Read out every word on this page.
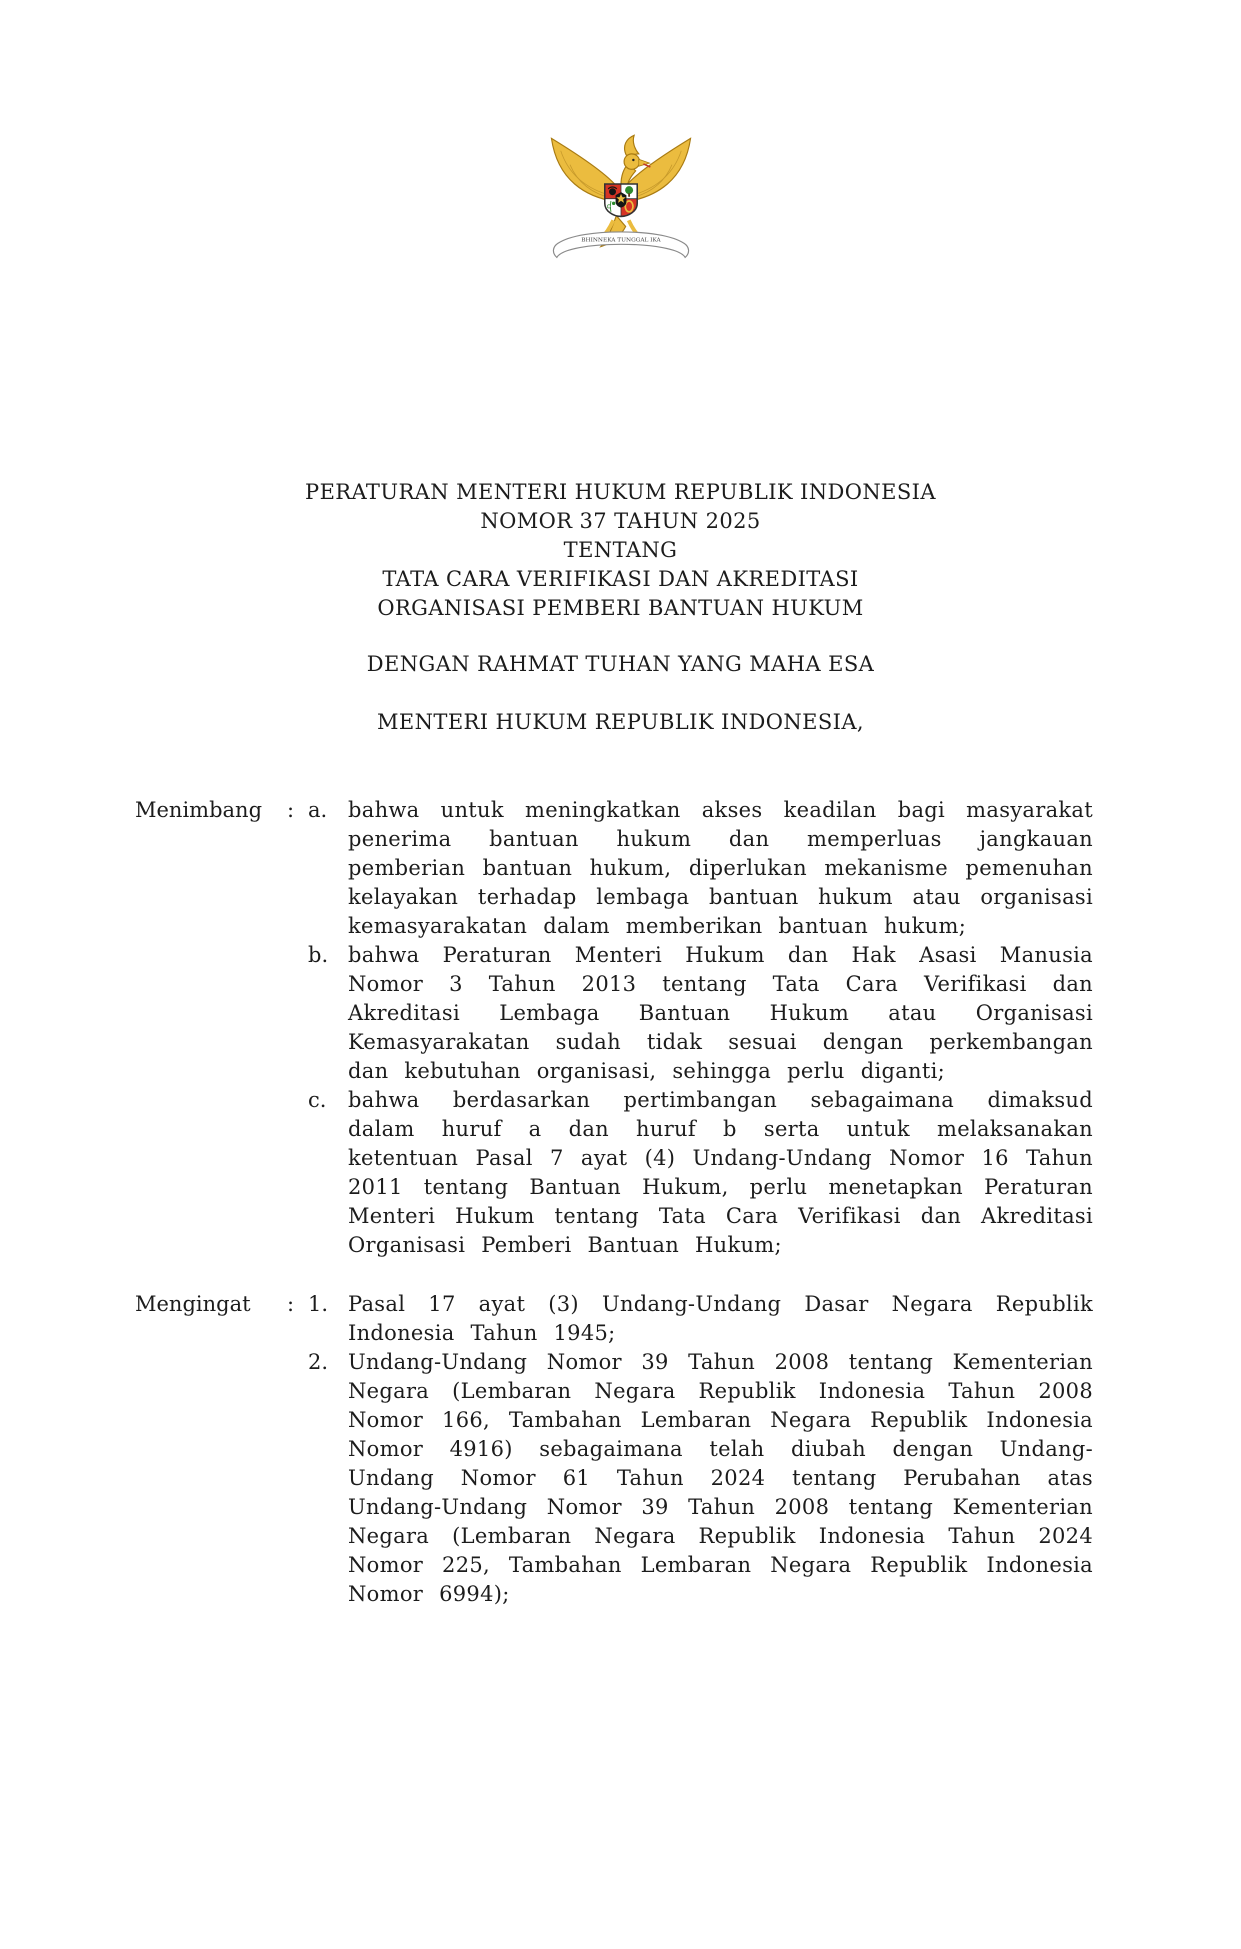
BHINNEKA TUNGGAL IKA
PERATURAN MENTERI HUKUM REPUBLIK INDONESIA
NOMOR 37 TAHUN 2025
TENTANG
TATA CARA VERIFIKASI DAN AKREDITASI
ORGANISASI PEMBERI BANTUAN HUKUM
DENGAN RAHMAT TUHAN YANG MAHA ESA
MENTERI HUKUM REPUBLIK INDONESIA,
Menimbang	: a. bahwa untuk meningkatkan akses keadilan bagi masyarakat penerima bantuan hukum dan memperluas jangkauan pemberian bantuan hukum, diperlukan mekanisme pemenuhan kelayakan terhadap lembaga bantuan hukum atau organisasi kemasyarakatan dalam memberikan bantuan hukum;
b. bahwa Peraturan Menteri Hukum dan Hak Asasi Manusia Nomor 3 Tahun 2013 tentang Tata Cara Verifikasi dan Akreditasi Lembaga Bantuan Hukum atau Organisasi Kemasyarakatan sudah tidak sesuai dengan perkembangan dan kebutuhan organisasi, sehingga perlu diganti;
c.	bahwa berdasarkan pertimbangan sebagaimana dimaksud dalam huruf a dan huruf b serta untuk melaksanakan ketentuan Pasal 7 ayat (4) Undang-Undang Nomor 16 Tahun 2011 tentang Bantuan Hukum, perlu menetapkan Peraturan Menteri Hukum tentang Tata Cara Verifikasi dan Akreditasi Organisasi Pemberi Bantuan Hukum;
Mengingat	: 1. Pasal 17 ayat (3) Undang-Undang Dasar Negara Republik Indonesia Tahun 1945;
2. Undang-Undang Nomor 39 Tahun 2008 tentang Kementerian Negara (Lembaran Negara Republik Indonesia Tahun 2008 Nomor 166, Tambahan Lembaran Negara Republik Indonesia Nomor 4916) sebagaimana telah diubah dengan Undang-Undang Nomor 61 Tahun 2024 tentang Perubahan atas Undang-Undang Nomor 39 Tahun 2008 tentang Kementerian Negara (Lembaran Negara Republik Indonesia Tahun 2024 Nomor 225, Tambahan Lembaran Negara Republik Indonesia Nomor 6994);
